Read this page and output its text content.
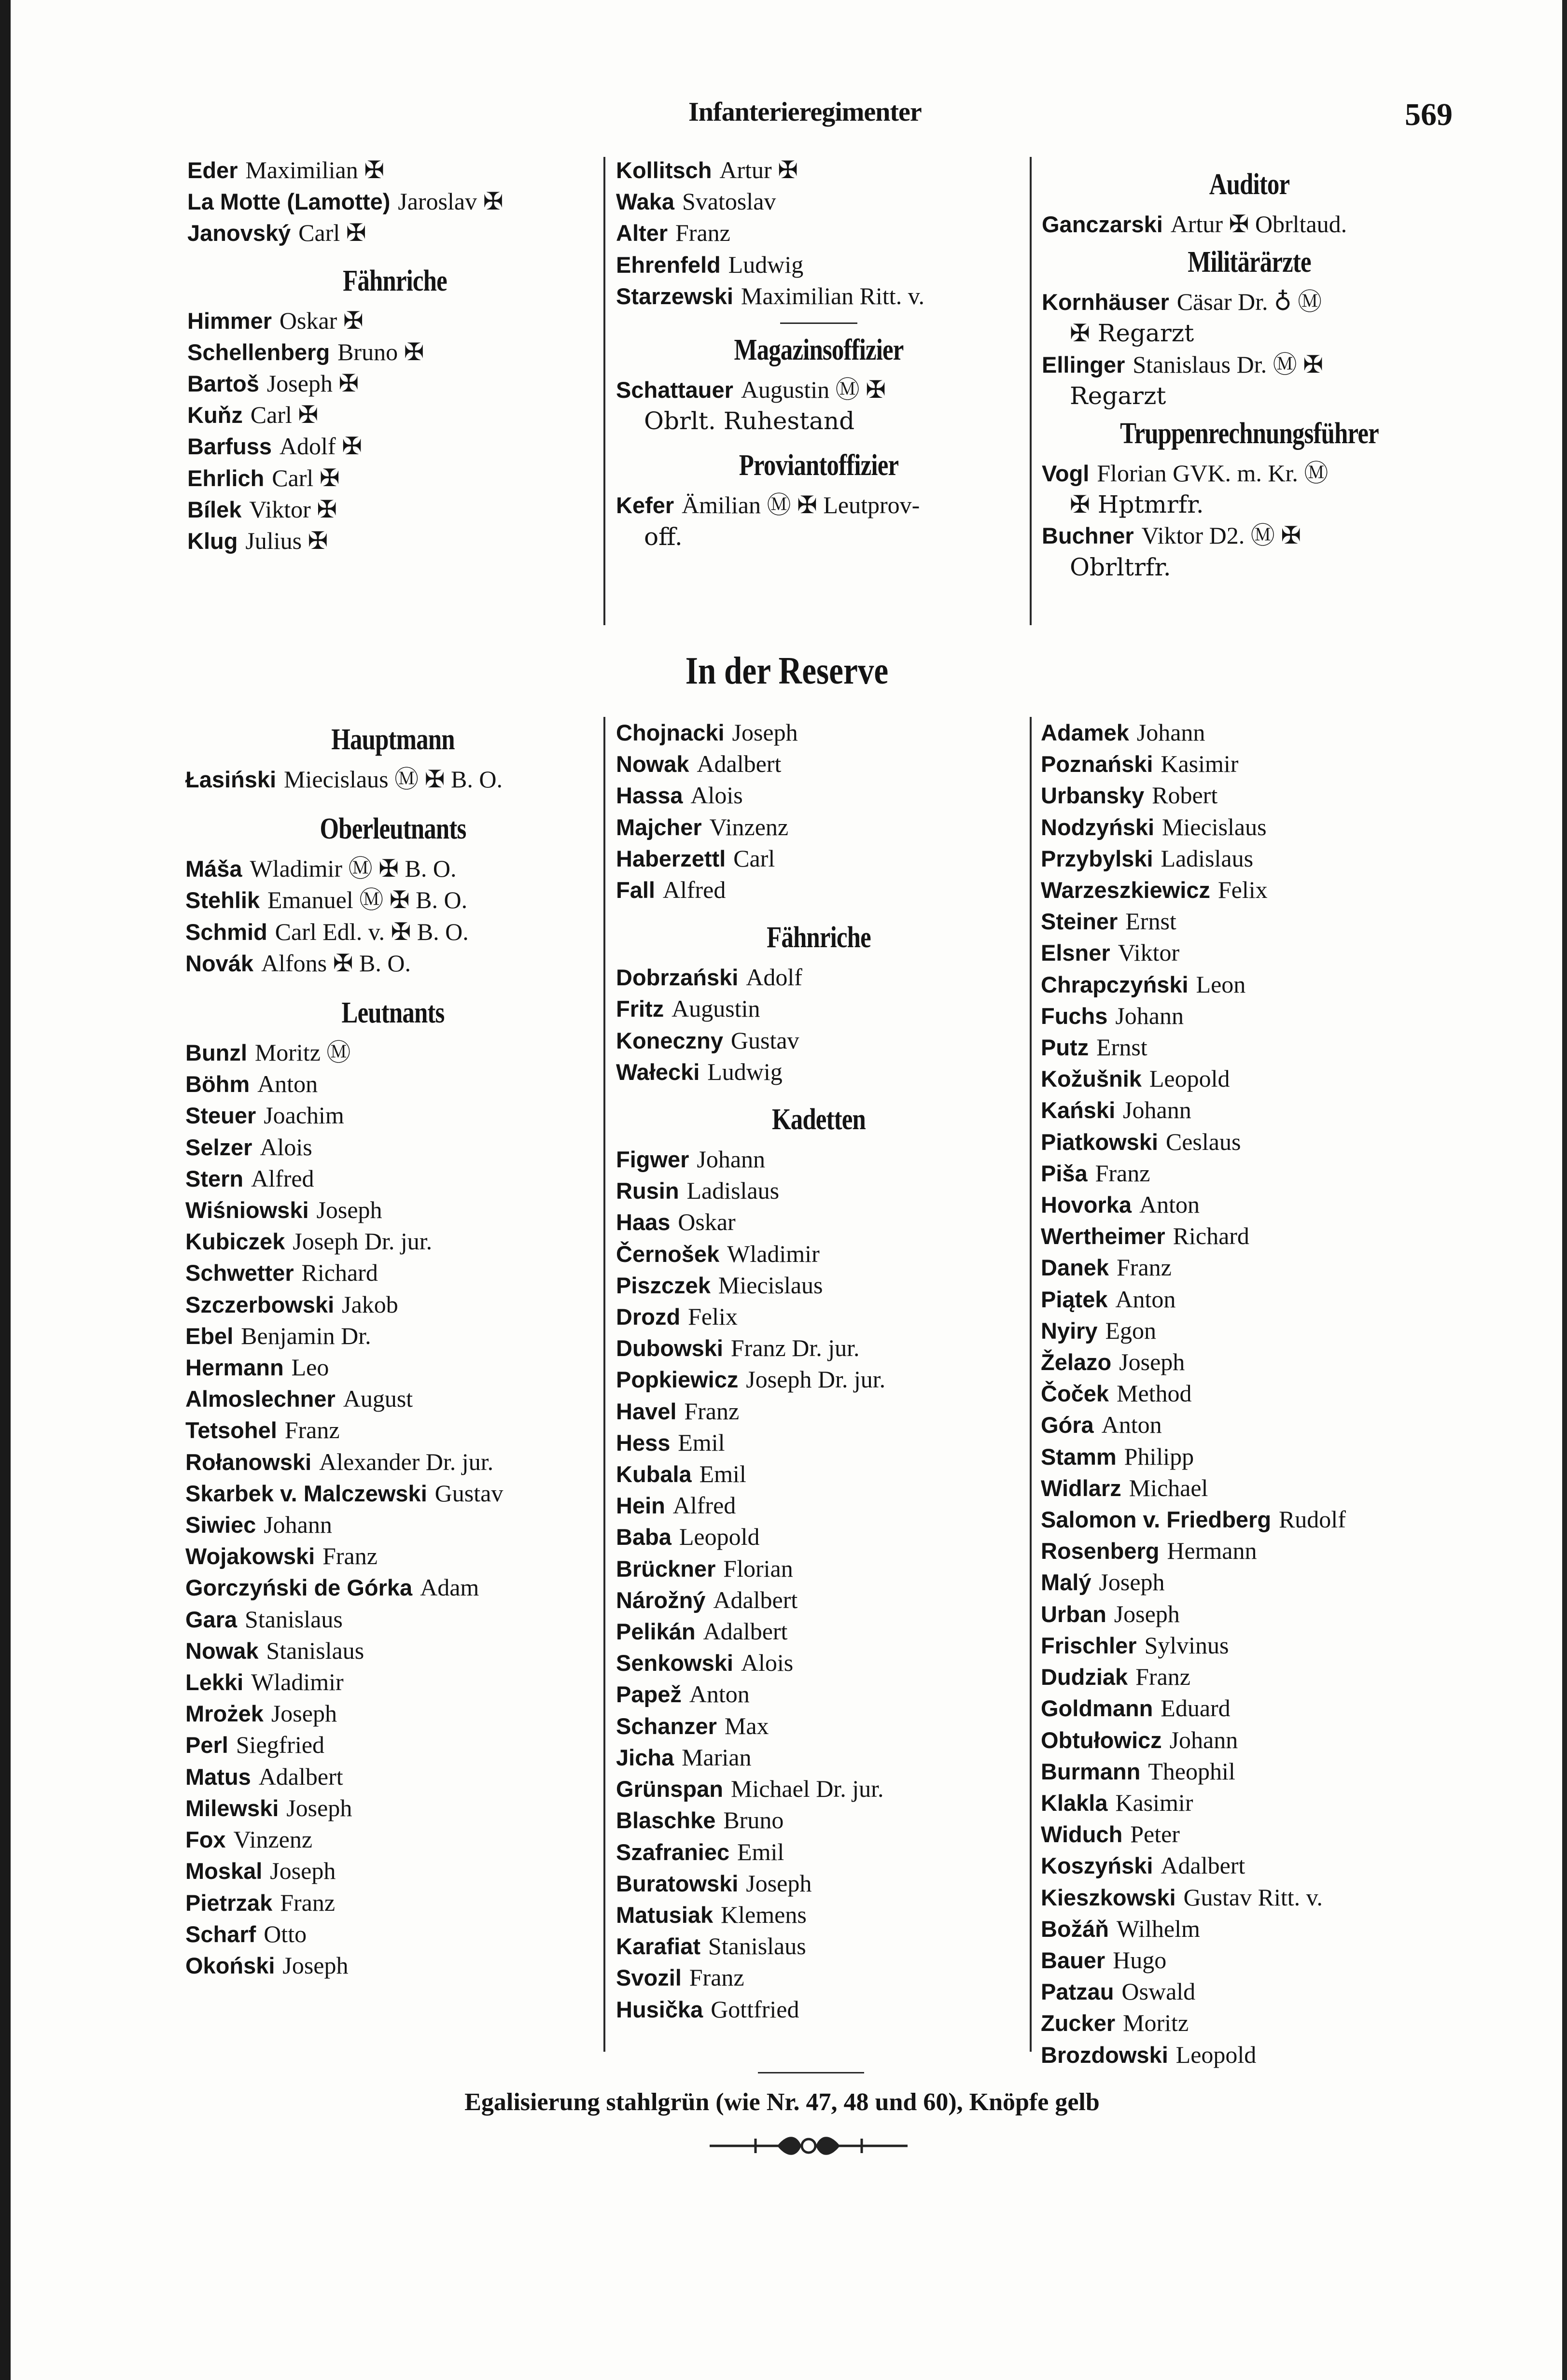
Infanterieregimenter	569
Eder Maximilian ✠
La Motte (Lamotte) Jaroslav ✠
Janovský Carl ✠
Fähnriche
Himmer Oskar ✠
Schellenberg Bruno ✠
Bartoš Joseph ✠
Kuňz Carl ✠
Barfuss Adolf ✠
Ehrlich Carl ✠
Bílek Viktor ✠
Klug Julius ✠
Kollitsch Artur ✠
Waka Svatoslav
Alter Franz
Ehrenfeld Ludwig
Starzewski Maximilian Ritt. v.
Magazinsoffizier
Schattauer Augustin Ⓜ ✠
Obrlt. Ruhestand
Proviantoffizier
Kefer Ämilian Ⓜ ✠ Leutprov-
off.
Auditor
Ganczarski Artur ✠ Obrltaud.
Militärärzte
Kornhäuser Cäsar Dr. ♁ Ⓜ
✠ Regarzt
Ellinger Stanislaus Dr. Ⓜ ✠
Regarzt
Truppenrechnungsführer
Vogl Florian GVK. m. Kr. Ⓜ
✠ Hptmrfr.
Buchner Viktor D2. Ⓜ ✠
Obrltrfr.
In der Reserve
Hauptmann
Łasiński Miecislaus Ⓜ ✠ B. O.
Oberleutnants
Máša Wladimir Ⓜ ✠ B. O.
Stehlik Emanuel Ⓜ ✠ B. O.
Schmid Carl Edl. v. ✠ B. O.
Novák Alfons ✠ B. O.
Leutnants
Bunzl Moritz Ⓜ
Böhm Anton
Steuer Joachim
Selzer Alois
Stern Alfred
Wiśniowski Joseph
Kubiczek Joseph Dr. jur.
Schwetter Richard
Szczerbowski Jakob
Ebel Benjamin Dr.
Hermann Leo
Almoslechner August
Tetsohel Franz
Rołanowski Alexander Dr. jur.
Skarbek v. Malczewski Gustav
Siwiec Johann
Wojakowski Franz
Gorczyński de Górka Adam
Gara Stanislaus
Nowak Stanislaus
Lekki Wladimir
Mrożek Joseph
Perl Siegfried
Matus Adalbert
Milewski Joseph
Fox Vinzenz
Moskal Joseph
Pietrzak Franz
Scharf Otto
Okoński Joseph
Chojnacki Joseph
Nowak Adalbert
Hassa Alois
Majcher Vinzenz
Haberzettl Carl
Fall Alfred
Fähnriche
Dobrzański Adolf
Fritz Augustin
Koneczny Gustav
Wałecki Ludwig
Kadetten
Figwer Johann
Rusin Ladislaus
Haas Oskar
Černošek Wladimir
Piszczek Miecislaus
Drozd Felix
Dubowski Franz Dr. jur.
Popkiewicz Joseph Dr. jur.
Havel Franz
Hess Emil
Kubala Emil
Hein Alfred
Baba Leopold
Brückner Florian
Nárožný Adalbert
Pelikán Adalbert
Senkowski Alois
Papež Anton
Schanzer Max
Jicha Marian
Grünspan Michael Dr. jur.
Blaschke Bruno
Szafraniec Emil
Buratowski Joseph
Matusiak Klemens
Karafiat Stanislaus
Svozil Franz
Husička Gottfried
Adamek Johann
Poznański Kasimir
Urbansky Robert
Nodzyński Miecislaus
Przybylski Ladislaus
Warzeszkiewicz Felix
Steiner Ernst
Elsner Viktor
Chrapczyński Leon
Fuchs Johann
Putz Ernst
Kožušnik Leopold
Kański Johann
Piatkowski Ceslaus
Piša Franz
Hovorka Anton
Wertheimer Richard
Danek Franz
Piątek Anton
Nyiry Egon
Želazo Joseph
Čoček Method
Góra Anton
Stamm Philipp
Widlarz Michael
Salomon v. Friedberg Rudolf
Rosenberg Hermann
Malý Joseph
Urban Joseph
Frischler Sylvinus
Dudziak Franz
Goldmann Eduard
Obtułowicz Johann
Burmann Theophil
Klakla Kasimir
Widuch Peter
Koszyński Adalbert
Kieszkowski Gustav Ritt. v.
Božáň Wilhelm
Bauer Hugo
Patzau Oswald
Zucker Moritz
Brozdowski Leopold
Egalisierung stahlgrün (wie Nr. 47, 48 und 60), Knöpfe gelb
